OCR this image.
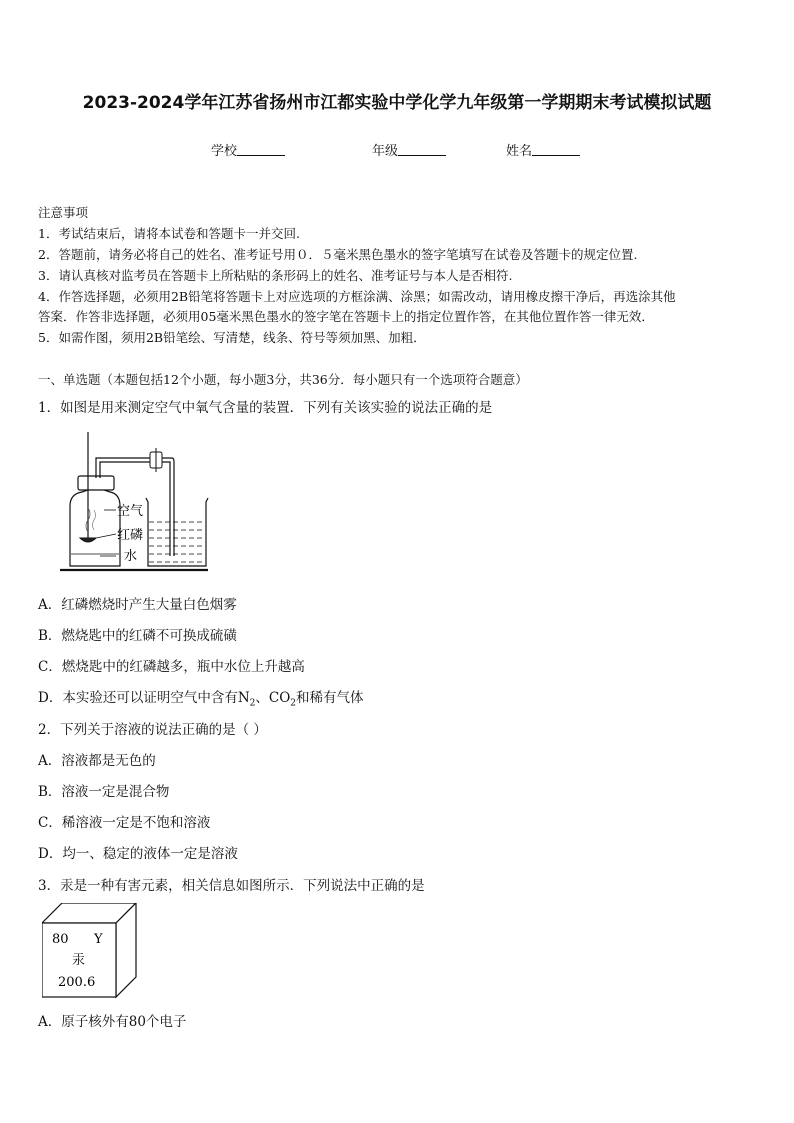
2023-2024学年江苏省扬州市江都实验中学化学九年级第一学期期末考试模拟试题
学校	年级	姓名
注意事项
1．考试结束后，请将本试卷和答题卡一并交回.
2．答题前，请务必将自己的姓名、准考证号用０．５毫米黑色墨水的签字笔填写在试卷及答题卡的规定位置.
3．请认真核对监考员在答题卡上所粘贴的条形码上的姓名、准考证号与本人是否相符.
4．作答选择题，必须用2B铅笔将答题卡上对应选项的方框涂满、涂黑；如需改动，请用橡皮擦干净后，再选涂其他
答案．作答非选择题，必须用05毫米黑色墨水的签字笔在答题卡上的指定位置作答，在其他位置作答一律无效．
5．如需作图，须用2B铅笔绘、写清楚，线条、符号等须加黑、加粗．
一、单选题（本题包括12个小题，每小题3分，共36分．每小题只有一个选项符合题意）
1．如图是用来测定空气中氧气含量的装置．下列有关该实验的说法正确的是
空气
红磷
水
A．红磷燃烧时产生大量白色烟雾
B．燃烧匙中的红磷不可换成硫磺
C．燃烧匙中的红磷越多，瓶中水位上升越高
D．本实验还可以证明空气中含有$N_2$、$CO_2$和稀有气体
2．下列关于溶液的说法正确的是（ ）
A．溶液都是无色的
B．溶液一定是混合物
C．稀溶液一定是不饱和溶液
D．均一、稳定的液体一定是溶液
3．汞是一种有害元素，相关信息如图所示．下列说法中正确的是
80 Y
汞
200.6
A．原子核外有80个电子
